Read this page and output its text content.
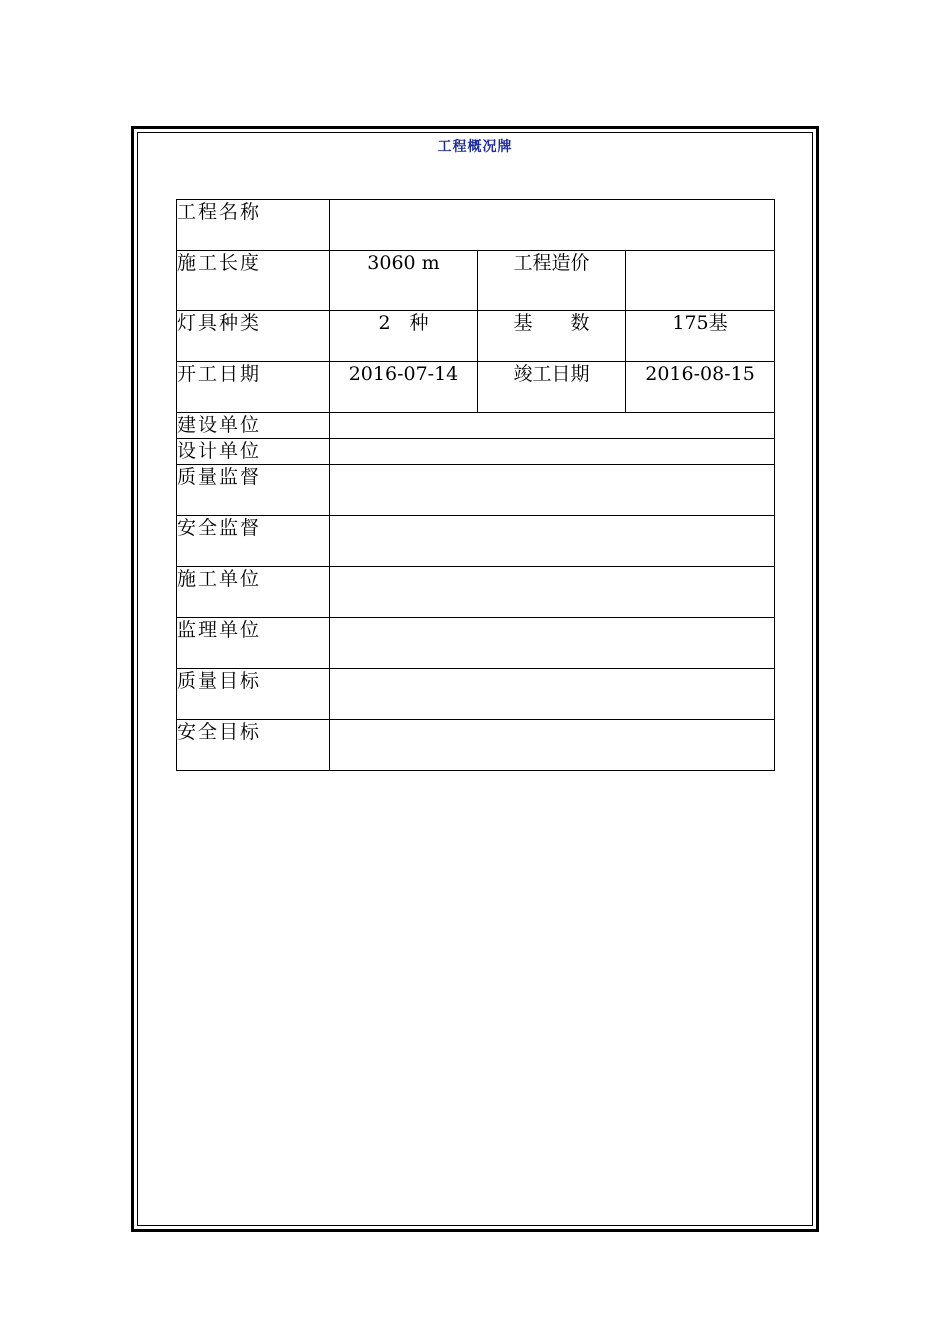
工程概况牌
工程名称			
施工长度	3060 m	工程造价	
灯具种类	2　种	基　　数	175基
开工日期	2016-07-14	竣工日期	2016-08-15
建设单位			
设计单位			
质量监督			
安全监督			
施工单位			
监理单位			
质量目标			
安全目标			
